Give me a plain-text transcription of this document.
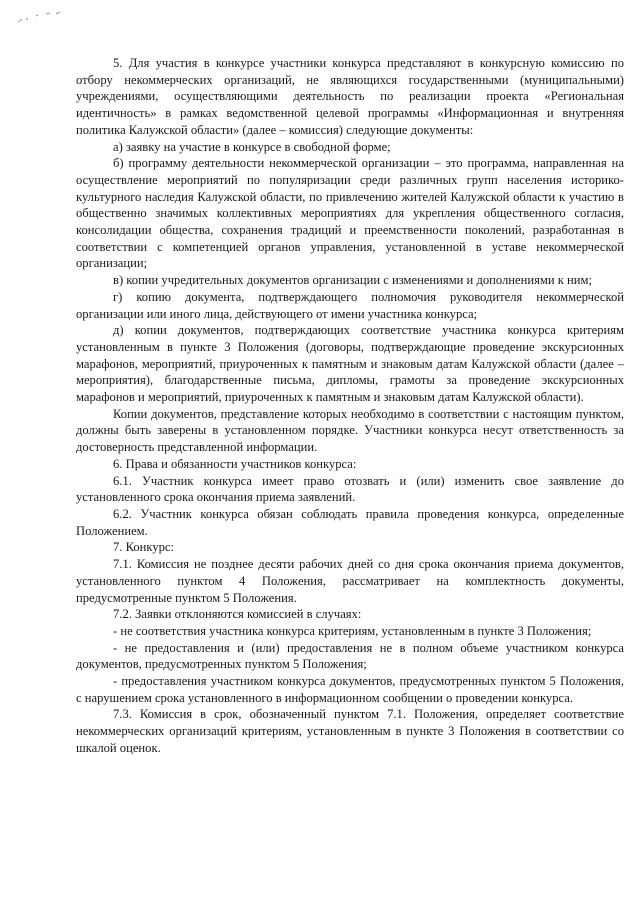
5. Для участия в конкурсе участники конкурса представляют в конкурсную комиссию по отбору некоммерческих организаций, не являющихся государственными (муниципальными) учреждениями, осуществляющими деятельность по реализации проекта «Региональная идентичность» в рамках ведомственной целевой программы «Информационная и внутренняя политика Калужской области» (далее – комиссия) следующие документы:

а) заявку на участие в конкурсе в свободной форме;

б) программу деятельности некоммерческой организации – это программа, направленная на осуществление мероприятий по популяризации среди различных групп населения историко-культурного наследия Калужской области, по привлечению жителей Калужской области к участию в общественно значимых коллективных мероприятиях для укрепления общественного согласия, консолидации общества, сохранения традиций и преемственности поколений, разработанная в соответствии с компетенцией органов управления, установленной в уставе некоммерческой организации;

в) копии учредительных документов организации с изменениями и дополнениями к ним;

г) копию документа, подтверждающего полномочия руководителя некоммерческой организации или иного лица, действующего от имени участника конкурса;

д) копии документов, подтверждающих соответствие участника конкурса критериям установленным в пункте 3 Положения (договоры, подтверждающие проведение экскурсионных марафонов, мероприятий, приуроченных к памятным и знаковым датам Калужской области (далее – мероприятия), благодарственные письма, дипломы, грамоты за проведение экскурсионных марафонов и мероприятий, приуроченных к памятным и знаковым датам Калужской области).

Копии документов, представление которых необходимо в соответствии с настоящим пунктом, должны быть заверены в установленном порядке. Участники конкурса несут ответственность за достоверность представленной информации.

6. Права и обязанности участников конкурса:

6.1. Участник конкурса имеет право отозвать и (или) изменить свое заявление до установленного срока окончания приема заявлений.

6.2. Участник конкурса обязан соблюдать правила проведения конкурса, определенные Положением.

7. Конкурс:

7.1. Комиссия не позднее десяти рабочих дней со дня срока окончания приема документов, установленного пунктом 4 Положения, рассматривает на комплектность документы, предусмотренные пунктом 5 Положения.

7.2. Заявки отклоняются комиссией в случаях:

- не соответствия участника конкурса критериям, установленным в пункте 3 Положения;

- не предоставления и (или) предоставления не в полном объеме участником конкурса документов, предусмотренных пунктом 5 Положения;

- предоставления участником конкурса документов, предусмотренных пунктом 5 Положения, с нарушением срока установленного в информационном сообщении о проведении конкурса.

7.3. Комиссия в срок, обозначенный пунктом 7.1. Положения, определяет соответствие некоммерческих организаций критериям, установленным в пункте 3 Положения в соответствии со шкалой оценок.
